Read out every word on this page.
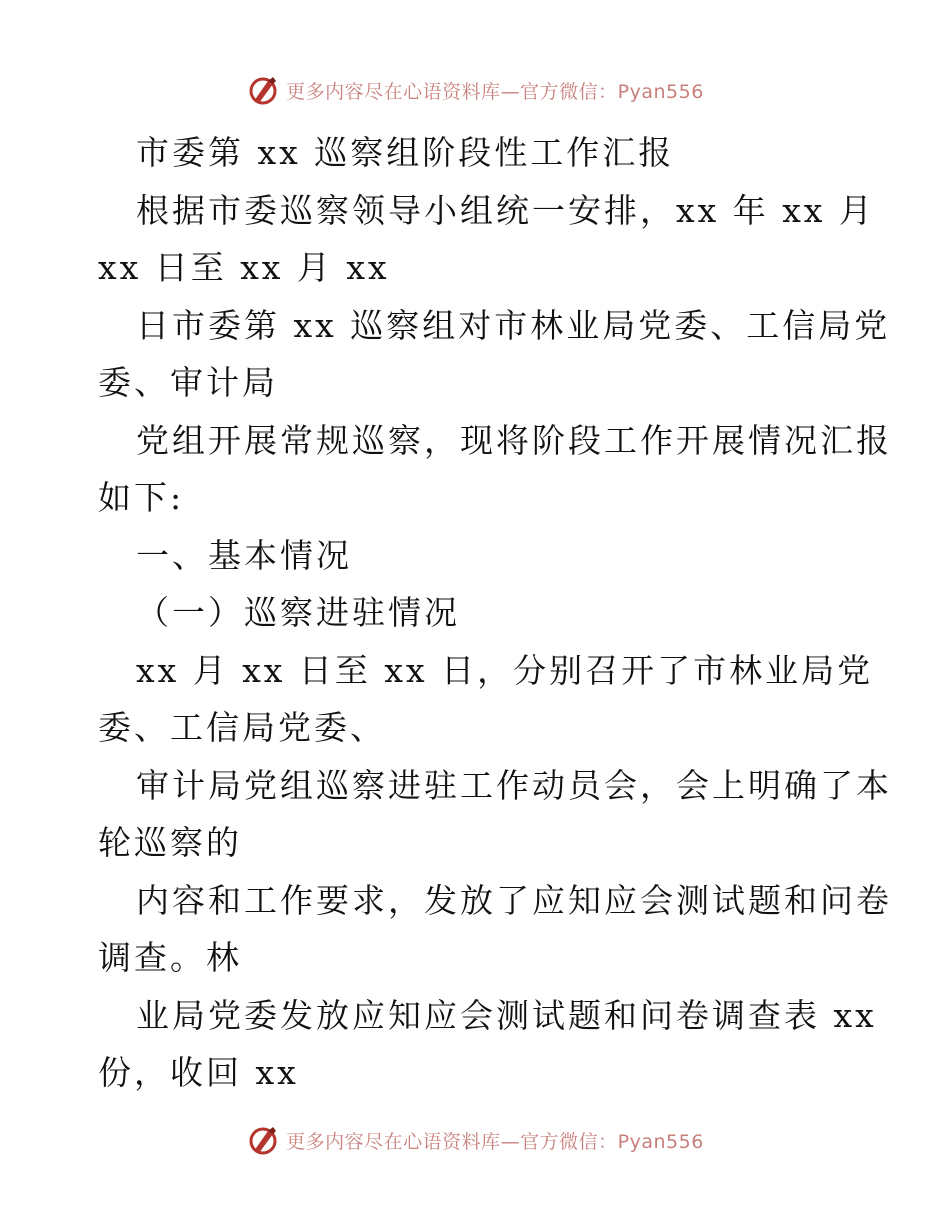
更多内容尽在心语资料库—官方微信：Pyan556
市委第 xx 巡察组阶段性工作汇报
根据市委巡察领导小组统一安排，xx 年 xx 月
xx 日至 xx 月 xx
日市委第 xx 巡察组对市林业局党委、工信局党
委、审计局
党组开展常规巡察，现将阶段工作开展情况汇报
如下:
一、基本情况
（一）巡察进驻情况
xx 月 xx 日至 xx 日，分别召开了市林业局党
委、工信局党委、
审计局党组巡察进驻工作动员会，会上明确了本
轮巡察的
内容和工作要求，发放了应知应会测试题和问卷
调查。林
业局党委发放应知应会测试题和问卷调查表 xx
份，收回 xx
更多内容尽在心语资料库—官方微信：Pyan556
